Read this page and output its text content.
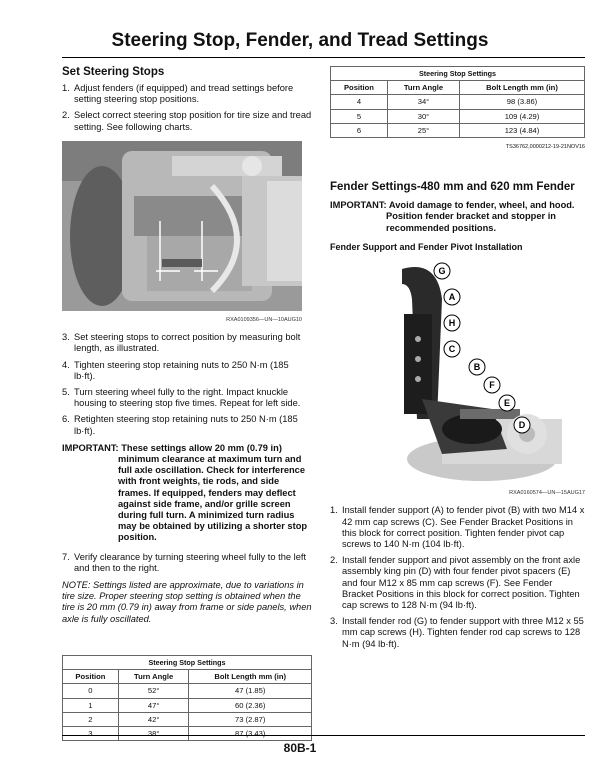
Steering Stop, Fender, and Tread Settings
Set Steering Stops
1. Adjust fenders (if equipped) and tread settings before setting steering stop positions.
2. Select correct steering stop position for tire size and tread setting. See following charts.
RXA0109356—UN—10AUG10
3. Set steering stops to correct position by measuring bolt length, as illustrated.
4. Tighten steering stop retaining nuts to 250 N·m (185 lb·ft).
5. Turn steering wheel fully to the right. Impact knuckle housing to steering stop five times. Repeat for left side.
6. Retighten steering stop retaining nuts to 250 N·m (185 lb·ft).
IMPORTANT: These settings allow 20 mm (0.79 in) minimum clearance at maximum turn and full axle oscillation. Check for interference with front weights, tie rods, and side frames. If equipped, fenders may deflect against side frame, and/or grille screen during full turn. A minimized turn radius may be obtained by utilizing a shorter stop position.
7. Verify clearance by turning steering wheel fully to the left and then to the right.
NOTE: Settings listed are approximate, due to variations in tire size. Proper steering stop setting is obtained when the tire is 20 mm (0.79 in) away from frame or side panels, when axle is fully oscillated.
Steering Stop Settings		
Position	Turn Angle	Bolt Length mm (in)
0	52°	47 (1.85)
1	47°	60 (2.36)
2	42°	73 (2.87)
3	38°	87 (3.43)
Steering Stop Settings		
Position	Turn Angle	Bolt Length mm (in)
4	34°	98 (3.86)
5	30°	109 (4.29)
6	25°	123 (4.84)
TS36762,000021​2-19-21NOV16
Fender Settings-480 mm and 620 mm Fender
IMPORTANT: Avoid damage to fender, wheel, and hood. Position fender bracket and stopper in recommended positions.
Fender Support and Fender Pivot Installation
G
A
H
C
B
F
E
D
RXA0160574—UN—15AUG17
1. Install fender support (A) to fender pivot (B) with two M14 x 42 mm cap screws (C). See Fender Bracket Positions in this block for correct position. Tighten fender pivot cap screws to 140 N·m (104 lb·ft).
2. Install fender support and pivot assembly on the front axle assembly king pin (D) with four fender pivot spacers (E) and four M12 x 85 mm cap screws (F). See Fender Bracket Positions in this block for correct position. Tighten cap screws to 128 N·m (94 lb·ft).
3. Install fender rod (G) to fender support with three M12 x 55 mm cap screws (H). Tighten fender rod cap screws to 128 N·m (94 lb·ft).
80B-1
